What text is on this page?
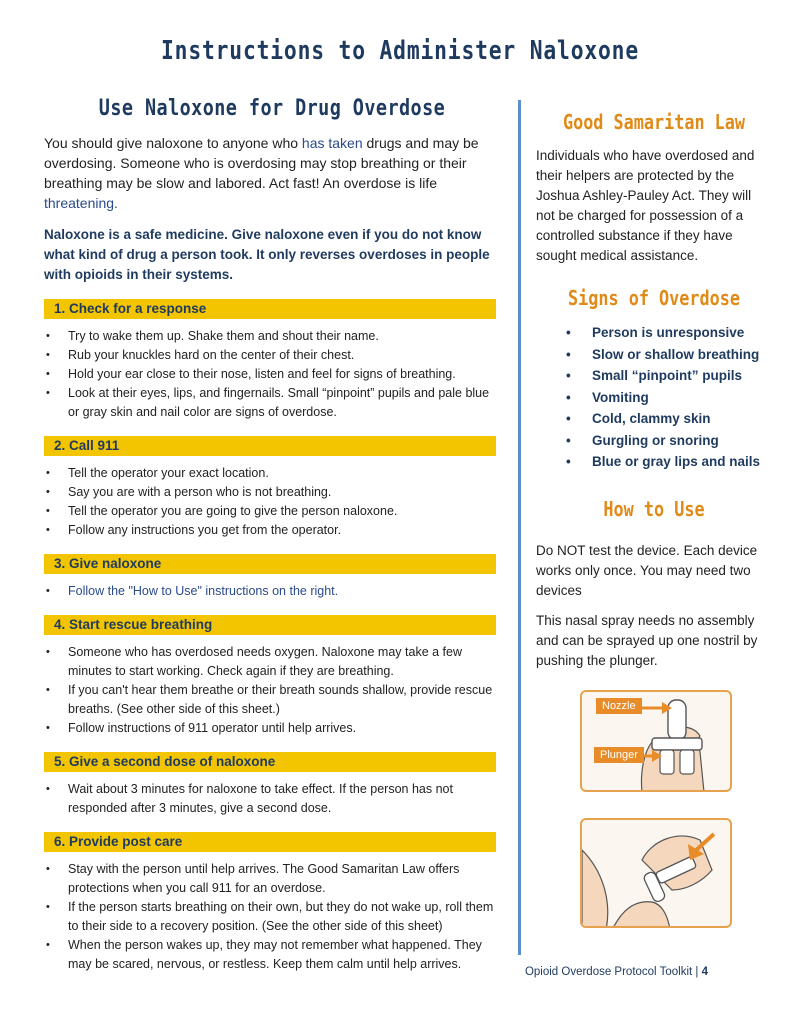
Instructions to Administer Naloxone
Use Naloxone for Drug Overdose

You should give naloxone to anyone who has taken drugs and may be overdosing. Someone who is overdosing may stop breathing or their breathing may be slow and labored. Act fast! An overdose is life threatening.

Naloxone is a safe medicine. Give naloxone even if you do not know what kind of drug a person took. It only reverses overdoses in people with opioids in their systems.

1. Check for a response
• Try to wake them up. Shake them and shout their name.
• Rub your knuckles hard on the center of their chest.
• Hold your ear close to their nose, listen and feel for signs of breathing.
• Look at their eyes, lips, and fingernails. Small “pinpoint” pupils and pale blue or gray skin and nail color are signs of overdose.
2. Call 911
• Tell the operator your exact location.
• Say you are with a person who is not breathing.
• Tell the operator you are going to give the person naloxone.
• Follow any instructions you get from the operator.
3. Give naloxone
• Follow the "How to Use" instructions on the right.
4. Start rescue breathing
• Someone who has overdosed needs oxygen. Naloxone may take a few minutes to start working. Check again if they are breathing.
• If you can't hear them breathe or their breath sounds shallow, provide rescue breaths. (See other side of this sheet.)
• Follow instructions of 911 operator until help arrives.
5. Give a second dose of naloxone
• Wait about 3 minutes for naloxone to take effect. If the person has not responded after 3 minutes, give a second dose.
6. Provide post care
• Stay with the person until help arrives. The Good Samaritan Law offers protections when you call 911 for an overdose.
• If the person starts breathing on their own, but they do not wake up, roll them to their side to a recovery position. (See the other side of this sheet)
• When the person wakes up, they may not remember what happened. They may be scared, nervous, or restless. Keep them calm until help arrives.
Good Samaritan Law

Individuals who have overdosed and their helpers are protected by the Joshua Ashley-Pauley Act. They will not be charged for possession of a controlled substance if they have sought medical assistance.

Signs of Overdose
• Person is unresponsive
• Slow or shallow breathing
• Small “pinpoint” pupils
• Vomiting
• Cold, clammy skin
• Gurgling or snoring
• Blue or gray lips and nails
How to Use

Do NOT test the device. Each device works only once. You may need two devices

This nasal spray needs no assembly and can be sprayed up one nostril by pushing the plunger.

Nozzle
Plunger
Opioid Overdose Protocol Toolkit | 4
